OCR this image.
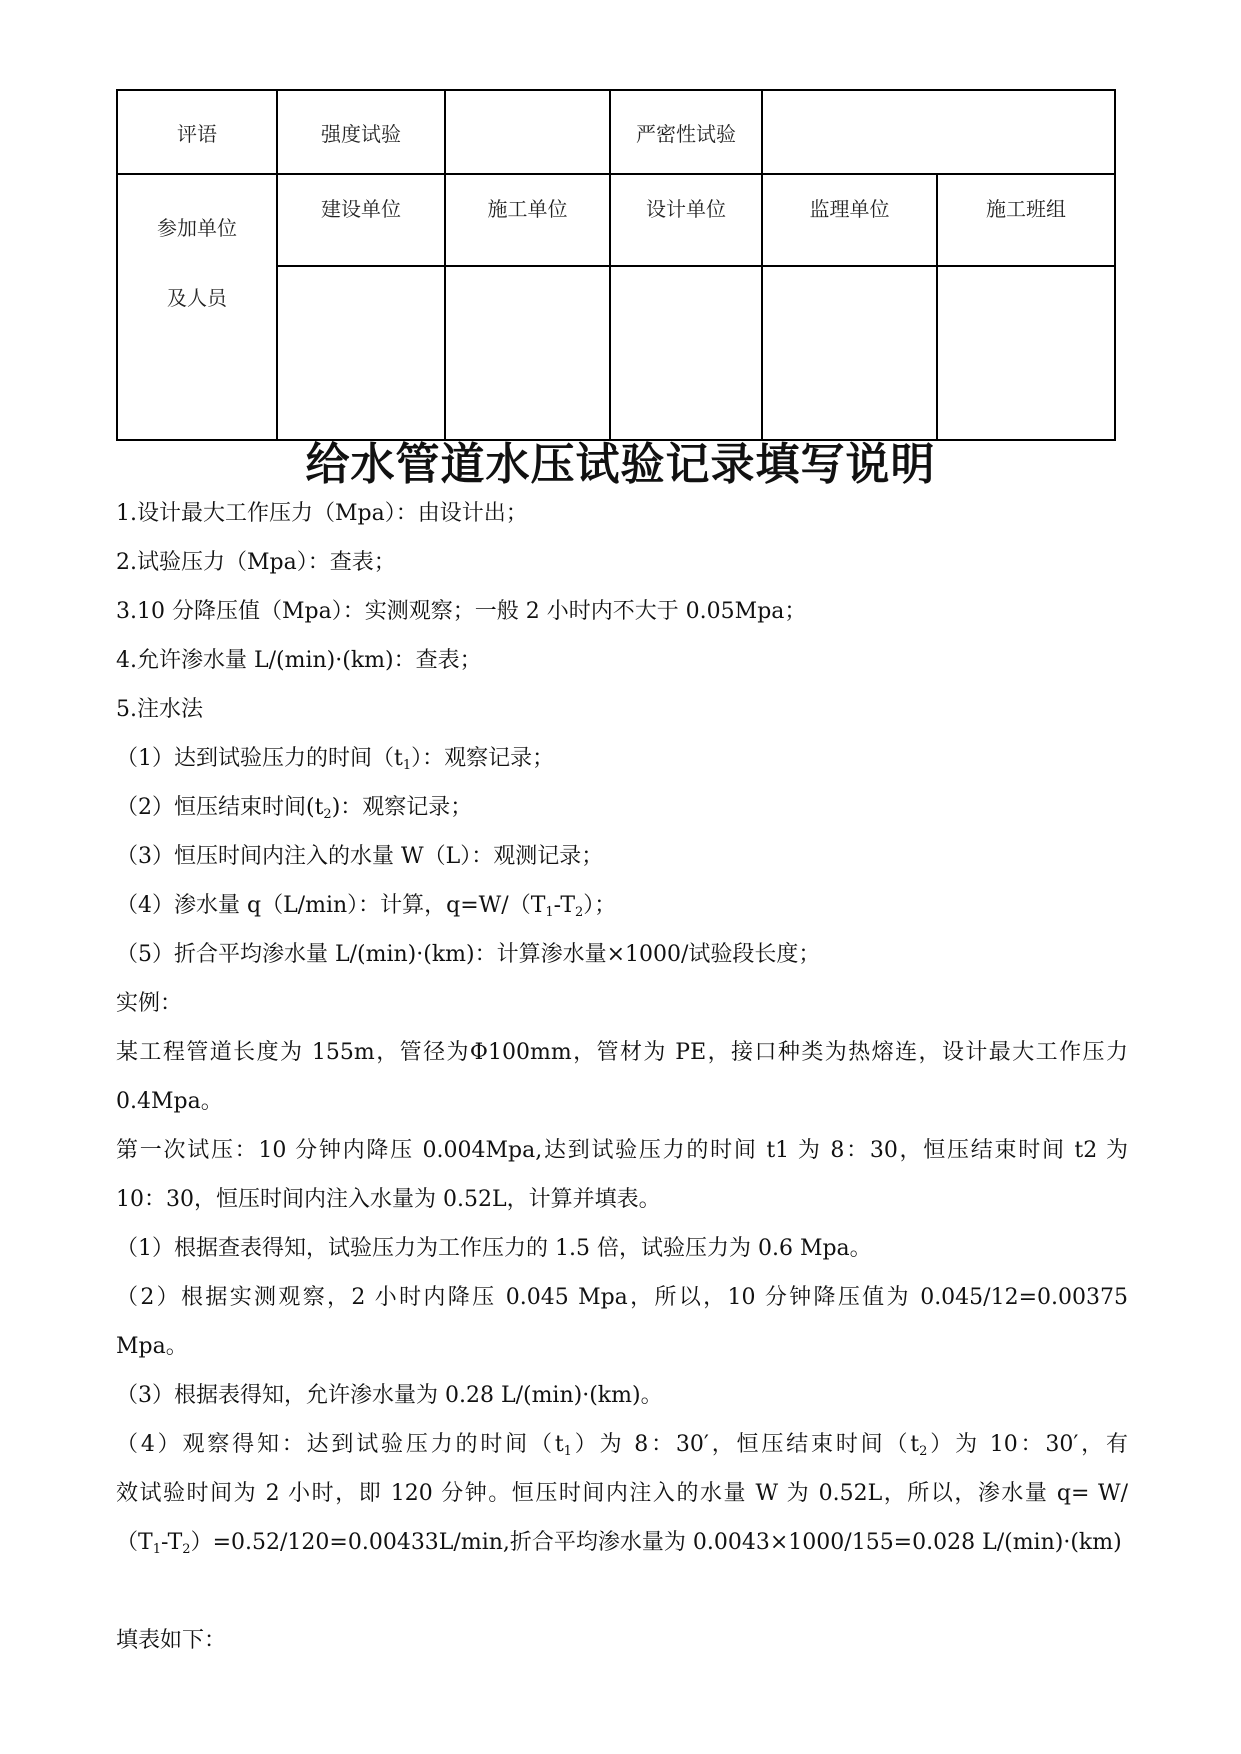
评语	强度试验		严密性试验		

参加单位
及人员	建设单位	施工单位	设计单位	监理单位	施工班组

给水管道水压试验记录填写说明
1.设计最大工作压力（Mpa）：由设计出；
2.试验压力（Mpa）：查表；
3.10 分降压值（Mpa）：实测观察；一般 2 小时内不大于 0.05Mpa；
4.允许渗水量 L/(min)·(km)：查表；
5.注水法
（1）达到试验压力的时间$(t_1)$：观察记录；
（2）恒压结束时间$(t_2)$：观察记录；
（3）恒压时间内注入的水量 W（L）：观测记录；
（4）渗水量 q（L/min）：计算，$q=W/(T_1-T_2)$；
（5）折合平均渗水量 L/(min)·(km)：计算渗水量×1000/试验段长度；
实例：
某工程管道长度为 155m，管径为Φ100mm，管材为 PE，接口种类为热熔连，设计最大工作压力
0.4Mpa。
第一次试压：10 分钟内降压 0.004Mpa,达到试验压力的时间 t1 为 8：30，恒压结束时间 t2 为
10：30，恒压时间内注入水量为 0.52L，计算并填表。
（1）根据查表得知，试验压力为工作压力的 1.5 倍，试验压力为 0.6 Mpa。
（2）根据实测观察，2 小时内降压 0.045 Mpa，所以，10 分钟降压值为 0.045/12=0.00375
Mpa。
（3）根据表得知，允许渗水量为 0.28 L/(min)·(km)。
（4）观察得知：达到试验压力的时间$(t_1)$为 8：30′，恒压结束时间$(t_2)$为 10：30′，有
效试验时间为 2 小时，即 120 分钟。恒压时间内注入的水量 W 为 0.52L，所以，渗水量 q= W/
$(T_1-T_2)=0.52/120=0.00433L/\min$,折合平均渗水量为 0.0043×1000/155=0.028 L/(min)·(km)
填表如下：
